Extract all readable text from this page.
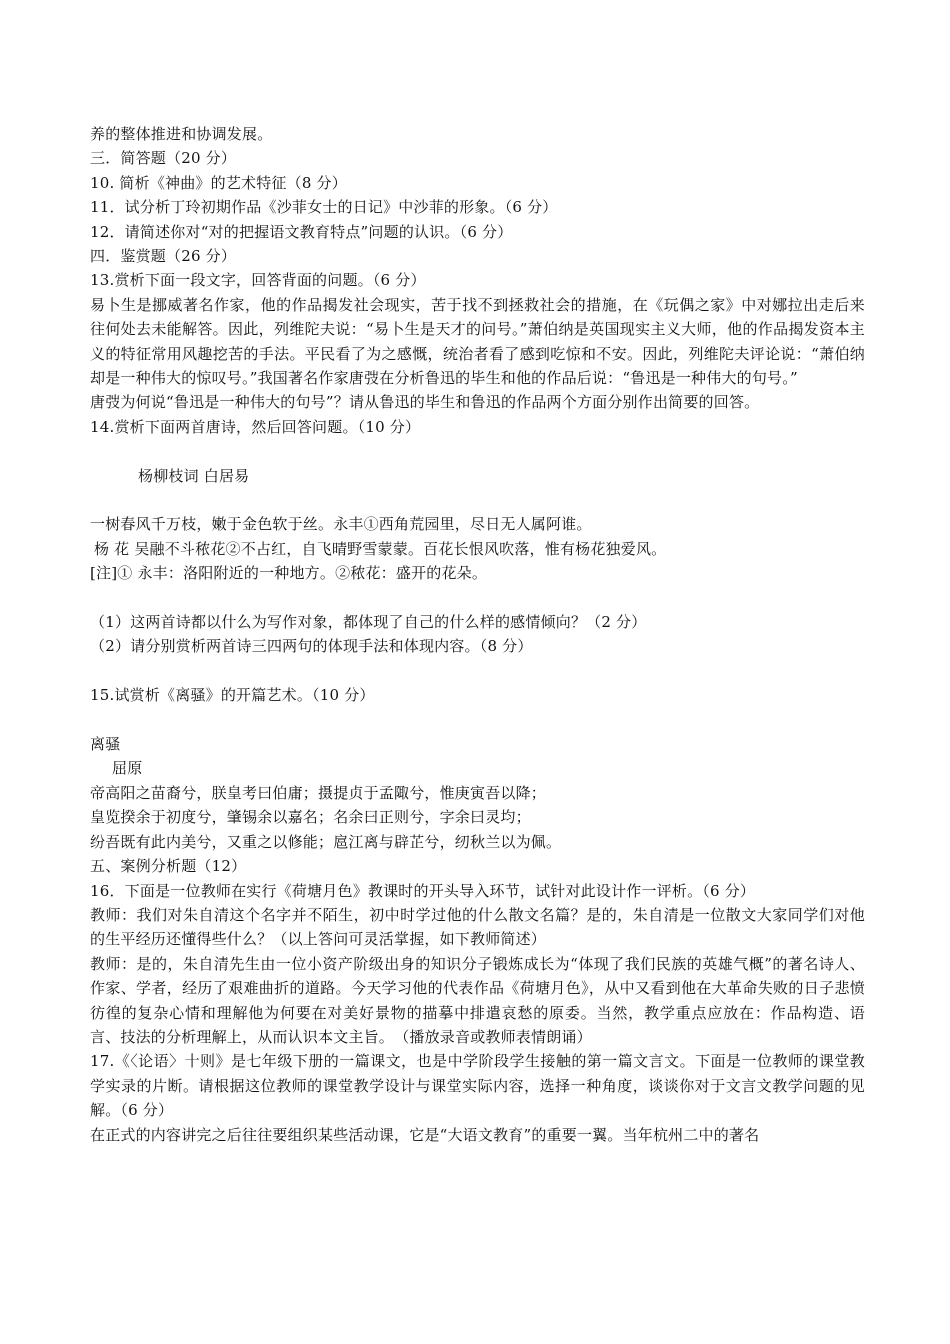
养的整体推进和协调发展。
三．简答题（20 分）
10. 简析《神曲》的艺术特征（8 分）
11．试分析丁玲初期作品《沙菲女士的日记》中沙菲的形象。（6 分）
12．请简述你对“对的把握语文教育特点”问题的认识。（6 分）
四．鉴赏题（26 分）
13.赏析下面一段文字，回答背面的问题。（6 分）
易卜生是挪威著名作家，他的作品揭发社会现实，苦于找不到拯救社会的措施，在《玩偶之家》中对娜拉出走后来往何处去未能解答。因此，列维陀夫说：“易卜生是天才的问号。”萧伯纳是英国现实主义大师，他的作品揭发资本主义的特征常用风趣挖苦的手法。平民看了为之感慨，统治者看了感到吃惊和不安。因此，列维陀夫评论说：“萧伯纳却是一种伟大的惊叹号。”我国著名作家唐弢在分析鲁迅的毕生和他的作品后说：“鲁迅是一种伟大的句号。”
唐弢为何说“鲁迅是一种伟大的句号”？请从鲁迅的毕生和鲁迅的作品两个方面分别作出简要的回答。
14.赏析下面两首唐诗，然后回答问题。（10 分）
杨柳枝词 白居易
一树春风千万枝，嫩于金色软于丝。永丰①西角荒园里，尽日无人属阿谁。
杨 花 吴融不斗秾花②不占红，自飞晴野雪蒙蒙。百花长恨风吹落，惟有杨花独爱风。
[注]① 永丰：洛阳附近的一种地方。②秾花：盛开的花朵。
（1）这两首诗都以什么为写作对象，都体现了自己的什么样的感情倾向？（2 分）
（2）请分别赏析两首诗三四两句的体现手法和体现内容。（8 分）
15.试赏析《离骚》的开篇艺术。（10 分）
离骚
屈原
帝高阳之苗裔兮，朕皇考曰伯庸；摄提贞于孟陬兮，惟庚寅吾以降；
皇览揆余于初度兮，肇锡余以嘉名；名余曰正则兮，字余曰灵均；
纷吾既有此内美兮，又重之以修能；扈江离与辟芷兮，纫秋兰以为佩。
五、案例分析题（12）
16．下面是一位教师在实行《荷塘月色》教课时的开头导入环节，试针对此设计作一评析。（6 分）
教师：我们对朱自清这个名字并不陌生，初中时学过他的什么散文名篇？是的，朱自清是一位散文大家同学们对他的生平经历还懂得些什么？（以上答问可灵活掌握，如下教师简述）
教师：是的，朱自清先生由一位小资产阶级出身的知识分子锻炼成长为“体现了我们民族的英雄气概”的著名诗人、作家、学者，经历了艰难曲折的道路。今天学习他的代表作品《荷塘月色》，从中又看到他在大革命失败的日子悲愤彷徨的复杂心情和理解他为何要在对美好景物的描摹中排遣哀愁的原委。当然，教学重点应放在：作品构造、语言、技法的分析理解上，从而认识本文主旨。　（播放录音或教师表情朗诵）
17.《〈论语〉十则》是七年级下册的一篇课文，也是中学阶段学生接触的第一篇文言文。下面是一位教师的课堂教学实录的片断。请根据这位教师的课堂教学设计与课堂实际内容，选择一种角度，谈谈你对于文言文教学问题的见解。（6 分）
在正式的内容讲完之后往往要组织某些活动课，它是“大语文教育”的重要一翼。当年杭州二中的著名
